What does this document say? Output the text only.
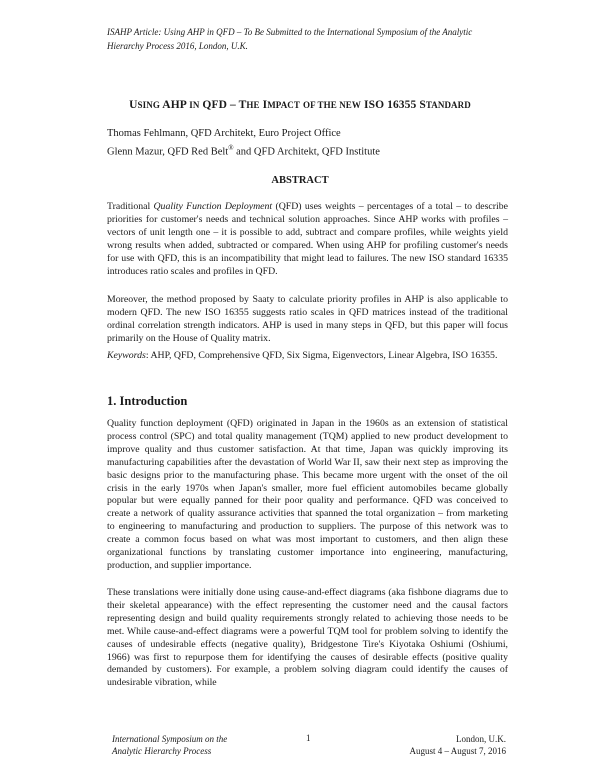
ISAHP Article: Using AHP in QFD – To Be Submitted to the International Symposium of the Analytic Hierarchy Process 2016, London, U.K.
USING AHP IN QFD – THE IMPACT OF THE NEW ISO 16355 STANDARD
Thomas Fehlmann, QFD Architekt, Euro Project Office
Glenn Mazur, QFD Red Belt® and QFD Architekt, QFD Institute
ABSTRACT

Traditional Quality Function Deployment (QFD) uses weights – percentages of a total – to describe priorities for customer's needs and technical solution approaches. Since AHP works with profiles – vectors of unit length one – it is possible to add, subtract and compare profiles, while weights yield wrong results when added, subtracted or compared. When using AHP for profiling customer's needs for use with QFD, this is an incompatibility that might lead to failures. The new ISO standard 16335 introduces ratio scales and profiles in QFD.

Moreover, the method proposed by Saaty to calculate priority profiles in AHP is also applicable to modern QFD. The new ISO 16355 suggests ratio scales in QFD matrices instead of the traditional ordinal correlation strength indicators. AHP is used in many steps in QFD, but this paper will focus primarily on the House of Quality matrix.

Keywords: AHP, QFD, Comprehensive QFD, Six Sigma, Eigenvectors, Linear Algebra, ISO 16355.

1. Introduction

Quality function deployment (QFD) originated in Japan in the 1960s as an extension of statistical process control (SPC) and total quality management (TQM) applied to new product development to improve quality and thus customer satisfaction. At that time, Japan was quickly improving its manufacturing capabilities after the devastation of World War II, saw their next step as improving the basic designs prior to the manufacturing phase. This became more urgent with the onset of the oil crisis in the early 1970s when Japan's smaller, more fuel efficient automobiles became globally popular but were equally panned for their poor quality and performance. QFD was conceived to create a network of quality assurance activities that spanned the total organization – from marketing to engineering to manufacturing and production to suppliers. The purpose of this network was to create a common focus based on what was most important to customers, and then align these organizational functions by translating customer importance into engineering, manufacturing, production, and supplier importance.

These translations were initially done using cause-and-effect diagrams (aka fishbone diagrams due to their skeletal appearance) with the effect representing the customer need and the causal factors representing design and build quality requirements strongly related to achieving those needs to be met. While cause-and-effect diagrams were a powerful TQM tool for problem solving to identify the causes of undesirable effects (negative quality), Bridgestone Tire's Kiyotaka Oshiumi (Oshiumi, 1966) was first to repurpose them for identifying the causes of desirable effects (positive quality demanded by customers). For example, a problem solving diagram could identify the causes of undesirable vibration, while

International Symposium on the
Analytic Hierarchy Process
1	London, U.K.
August 4 – August 7, 2016
